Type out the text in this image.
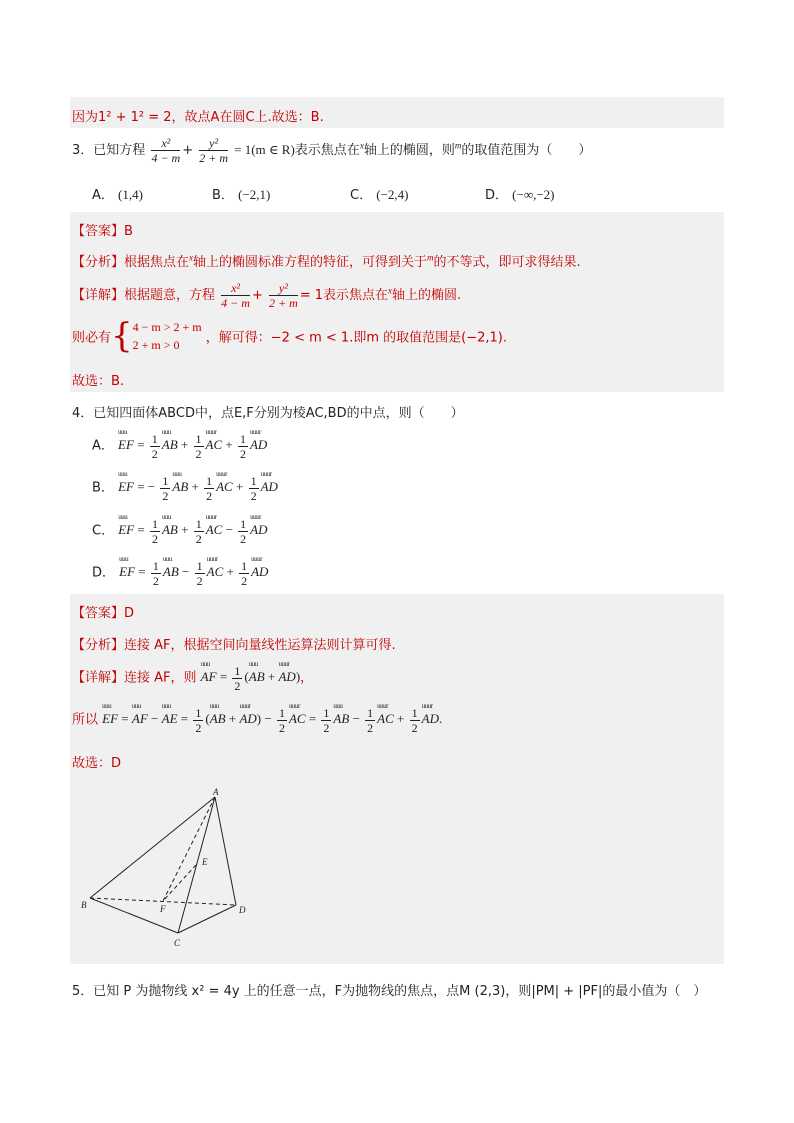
因为1² + 1² = 2，故点A在圆C上.故选：B.
3．已知方程 $\frac{\text{x²}}{4 - m} + \frac{\text{y²}}{2 + m} = 1(m$ ∈ R)表示焦点在$^x$轴上的椭圆，则$^m$的取值范围为（　　）
A． (1,4)	B． (−2,1)	C． (−2,4)	D． (−∞,−2)
【答案】B
【分析】根据焦点在$^x$轴上的椭圆标准方程的特征，可得到关于$^m$的不等式，即可求得结果.
【详解】根据题意，方程 $\frac{\text{x²}}{4 - m} + \frac{\text{y²}}{2 + m} = 1$表示焦点在$^x$轴上的椭圆.
则必有{ 4 − m > 2 + m
2 + m > 0	，解可得：−2 < m < 1.即m 的取值范围是(−2,1).
故选：B.
4．已知四面体ABCD中，点E,F分别为棱AC,BD的中点，则（　　）
A． uuu EF = $\frac{1}{2}$ uuu AB + $\frac{1}{2}$ uuur AC + $\frac{1}{2}$ uuur AD
B． uuu EF = − $\frac{1}{2}$ uuu AB + $\frac{1}{2}$ uuur AC + $\frac{1}{2}$ uuur AD
C． uuu EF = $\frac{1}{2}$ uuu AB + $\frac{1}{2}$ uuur AC − $\frac{1}{2}$ uuur AD
D． uuu EF = $\frac{1}{2}$ uuu AB − $\frac{1}{2}$ uuur AC + $\frac{1}{2}$ uuur AD
【答案】D
【分析】连接 AF，根据空间向量线性运算法则计算可得.
【详解】连接 AF，则 uuu AF = $\frac{1}{2} (uuu$ AB + uuur AD)，
所以 uuu EF = uuu AF − uuu AE = $\frac{1}{2} (uuu$ AB + uuur $AD) - \frac{1}{2}$ uuur AC = $\frac{1}{2}$ uuu AB − $\frac{1}{2}$ uuur AC + $\frac{1}{2}$ uuur AD.
故选：D
A
B
C
D
E
F
5．已知 P 为抛物线 x² = 4y 上的任意一点，F为抛物线的焦点，点M (2,3)，则|PM| + |PF|的最小值为（　）
